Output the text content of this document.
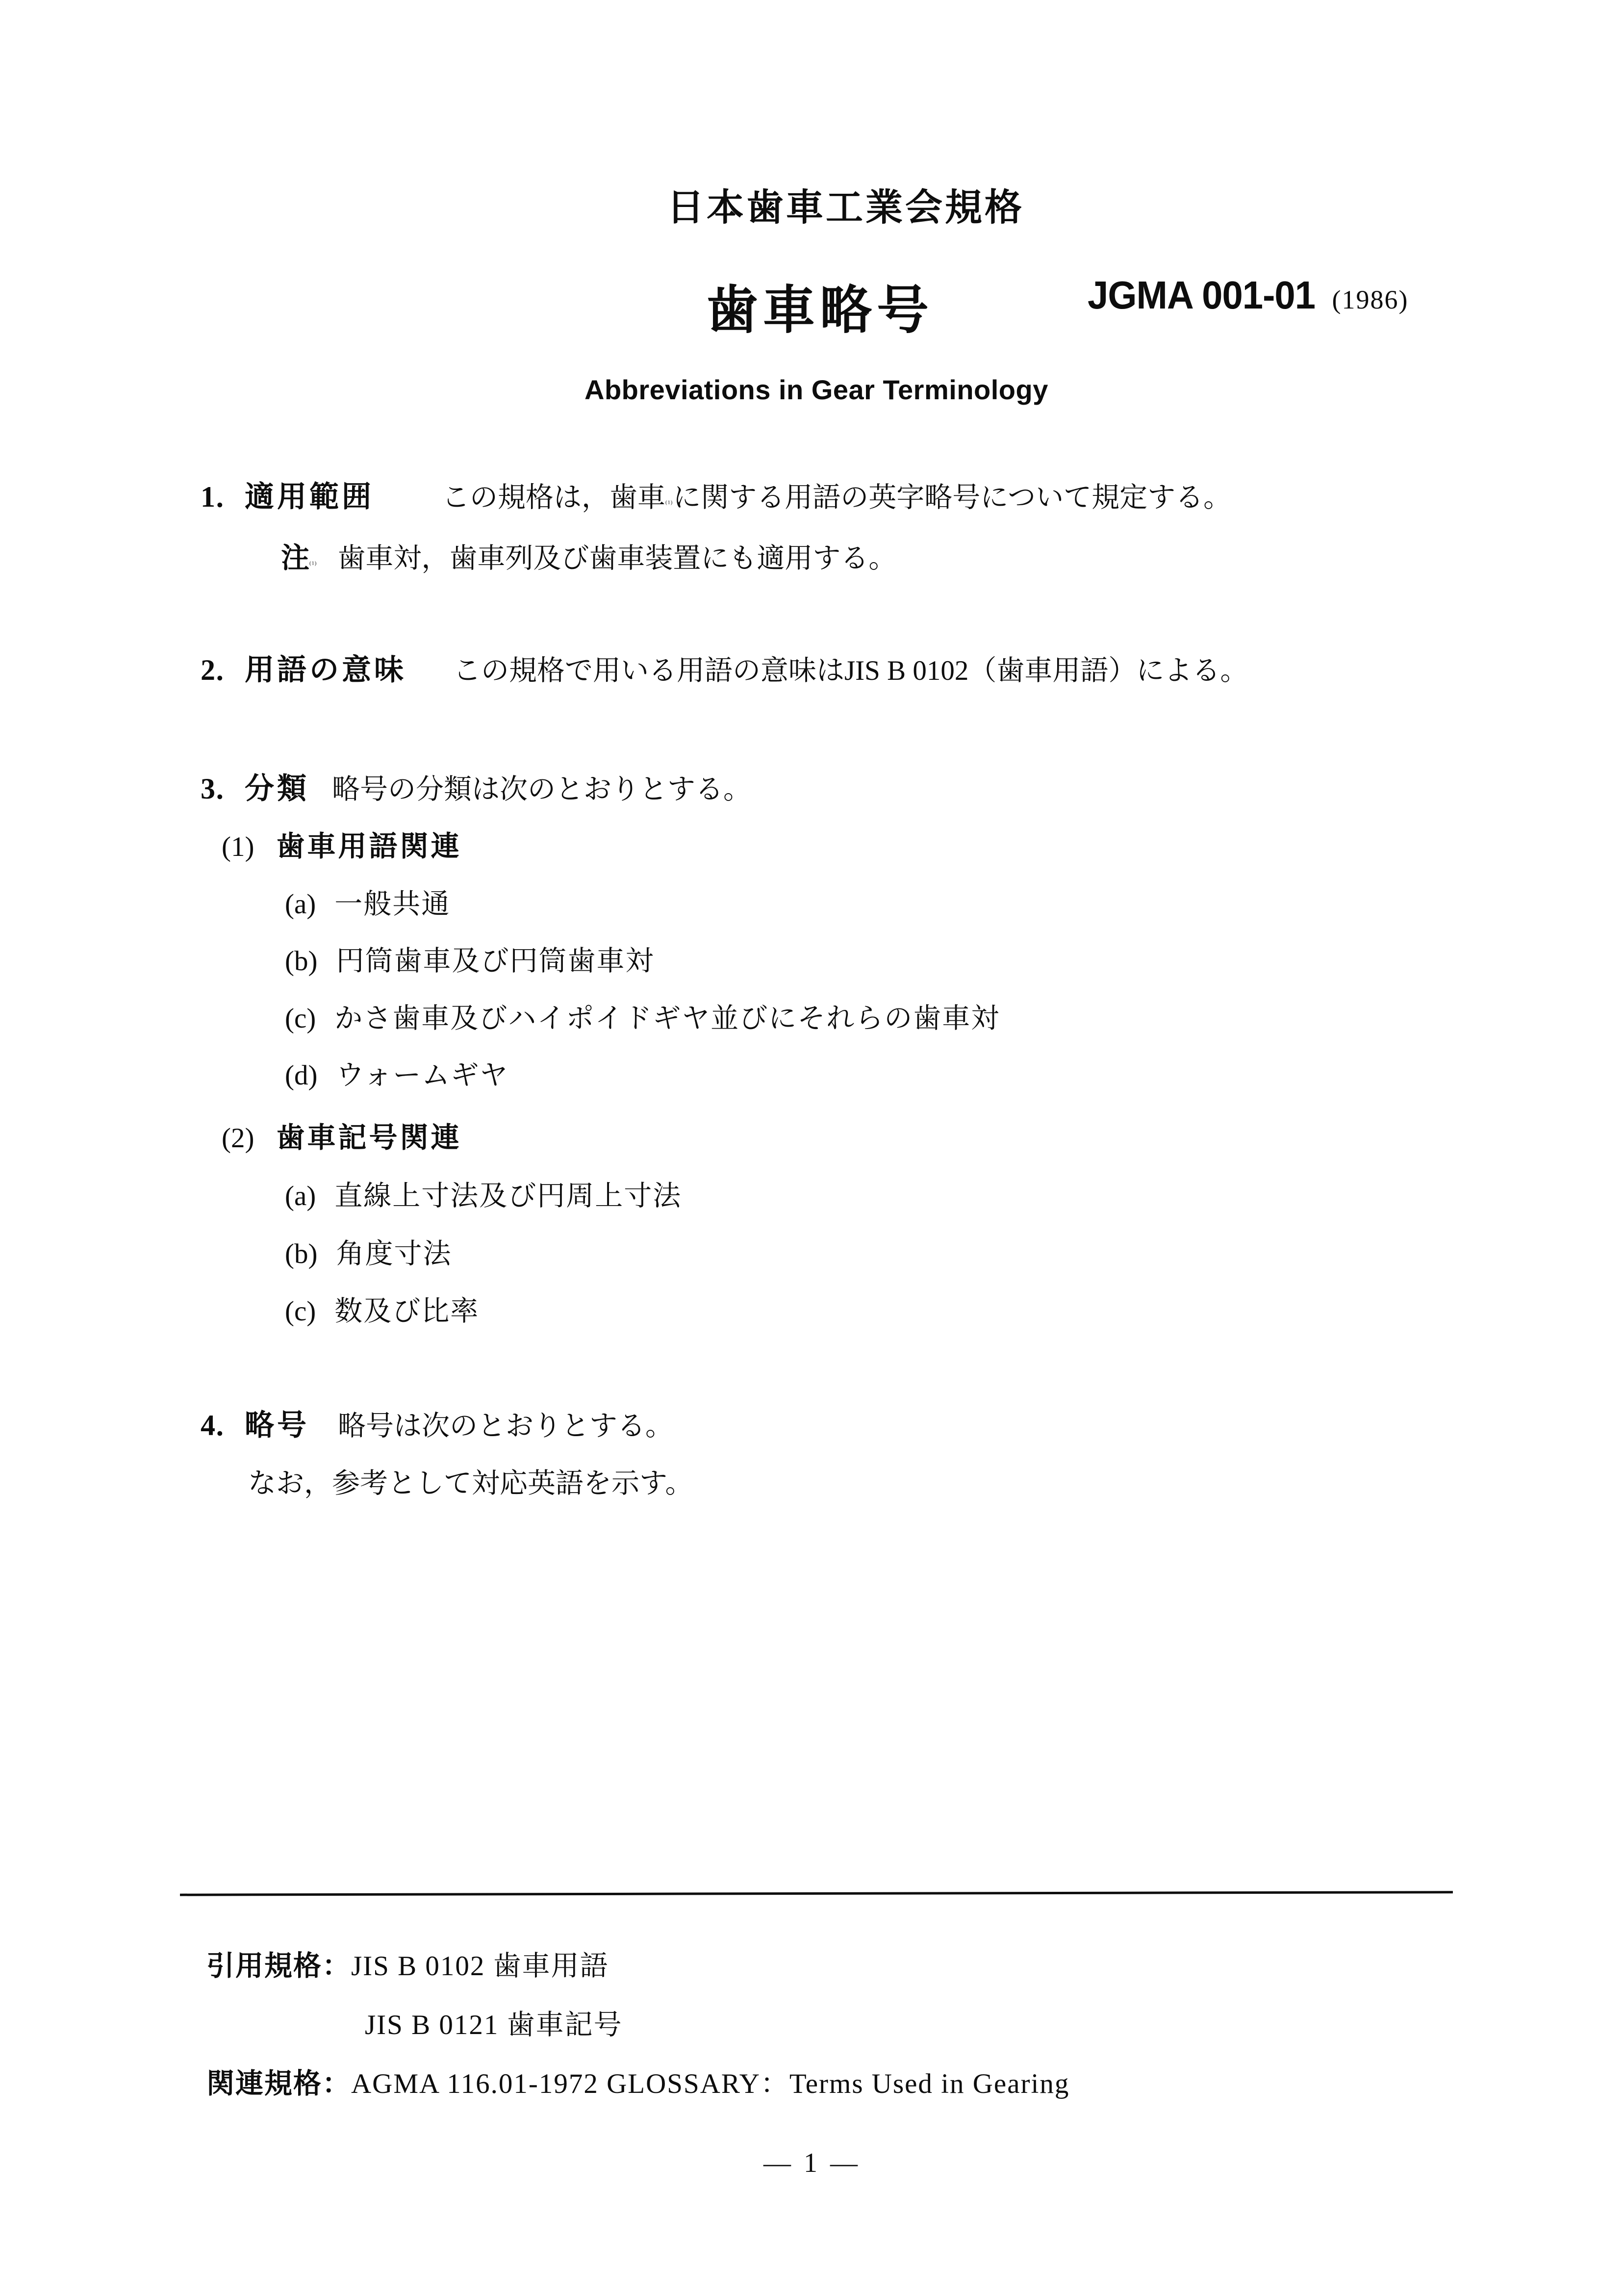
日本歯車工業会規格
歯車略号	JGMA 001-01 (1986)
Abbreviations in Gear Terminology
1．適用範囲 この規格は，歯車$^{(1)}$に関する用語の英字略号について規定する。
注$^{(1)}$ 歯車対，歯車列及び歯車装置にも適用する。
2．用語の意味 この規格で用いる用語の意味はJIS B 0102（歯車用語）による。
3．分類 略号の分類は次のとおりとする。
(1) 歯車用語関連
(a) 一般共通
(b) 円筒歯車及び円筒歯車対
(c) かさ歯車及びハイポイドギヤ並びにそれらの歯車対
(d) ウォームギヤ
(2) 歯車記号関連
(a) 直線上寸法及び円周上寸法
(b) 角度寸法
(c) 数及び比率
4．略号 略号は次のとおりとする。
なお，参考として対応英語を示す。
引用規格：JIS B 0102 歯車用語
JIS B 0121 歯車記号
関連規格：AGMA 116.01-1972 GLOSSARY：Terms Used in Gearing
— 1 —
